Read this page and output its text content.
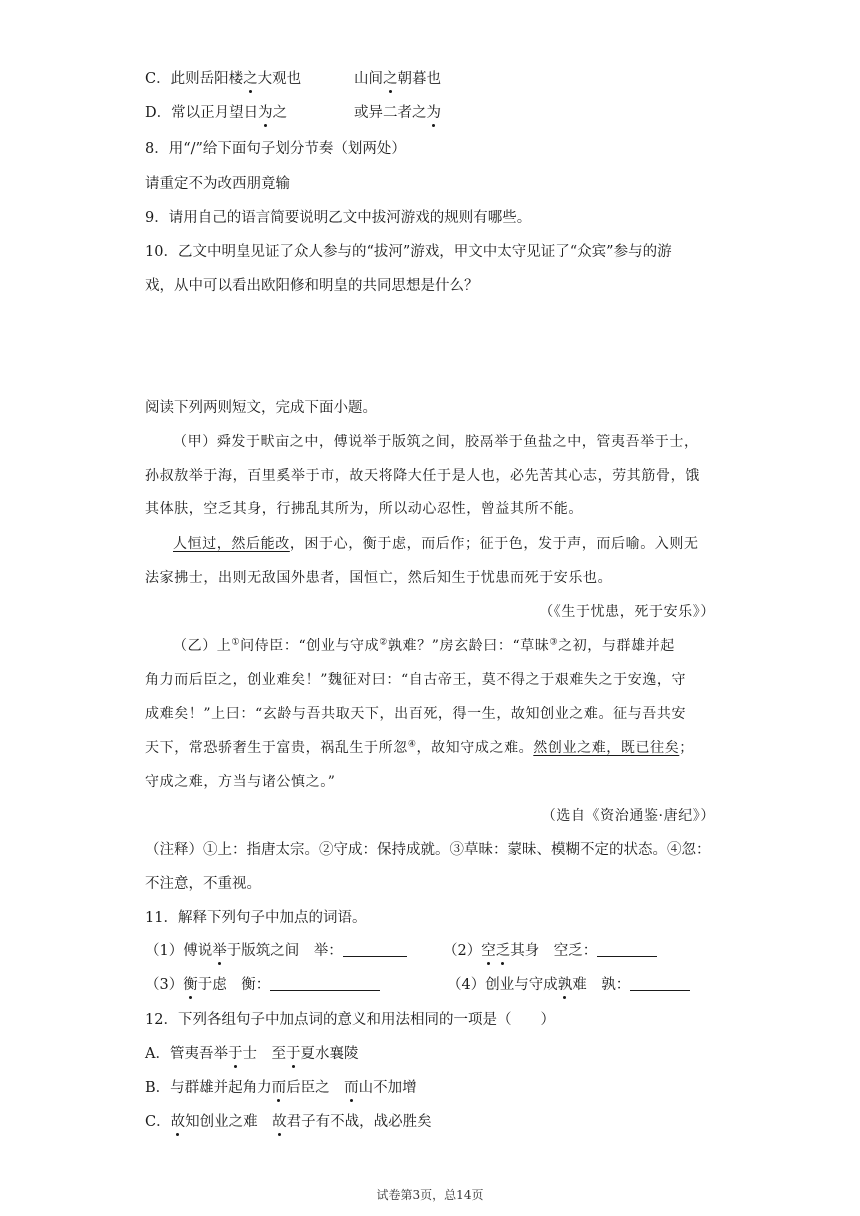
C．此则岳阳楼之大观也	山间之朝暮也
D．常以正月望日为之	或异二者之为
8．用“/”给下面句子划分节奏（划两处）
请重定不为改西朋竟输
9．请用自己的语言简要说明乙文中拔河游戏的规则有哪些。
10．乙文中明皇见证了众人参与的“拔河”游戏，甲文中太守见证了“众宾”参与的游
戏，从中可以看出欧阳修和明皇的共同思想是什么？
阅读下列两则短文，完成下面小题。
（甲）舜发于畎亩之中，傅说举于版筑之间，胶鬲举于鱼盐之中，管夷吾举于士，
孙叔敖举于海，百里奚举于市，故天将降大任于是人也，必先苦其心志，劳其筋骨，饿
其体肤，空乏其身，行拂乱其所为，所以动心忍性，曾益其所不能。
人恒过，然后能改，困于心，衡于虑，而后作；征于色，发于声，而后喻。入则无
法家拂士，出则无敌国外患者，国恒亡，然后知生于忧患而死于安乐也。
（《生于忧患，死于安乐》）
（乙）上①问侍臣：“创业与守成②孰难？”房玄龄曰：“草昧③之初，与群雄并起
角力而后臣之，创业难矣！”魏征对曰：“自古帝王，莫不得之于艰难失之于安逸，守
成难矣！”上曰：“玄龄与吾共取天下，出百死，得一生，故知创业之难。征与吾共安
天下，常恐骄奢生于富贵，祸乱生于所忽④，故知守成之难。然创业之难，既已往矣；
守成之难，方当与诸公慎之。”
（选自《资治通鉴·唐纪》）
（注释）①上：指唐太宗。②守成：保持成就。③草昧：蒙昧、模糊不定的状态。④忽：
不注意，不重视。
11．解释下列句子中加点的词语。
（1）傅说举于版筑之间　举：	（2）空乏其身　空乏：
（3）衡于虑　衡：	（4）创业与守成孰难　孰：
12．下列各组句子中加点词的意义和用法相同的一项是（　　）
A．管夷吾举于士　至于夏水襄陵
B．与群雄并起角力而后臣之　而山不加增
C．故知创业之难　故君子有不战，战必胜矣
试卷第3页，总14页
